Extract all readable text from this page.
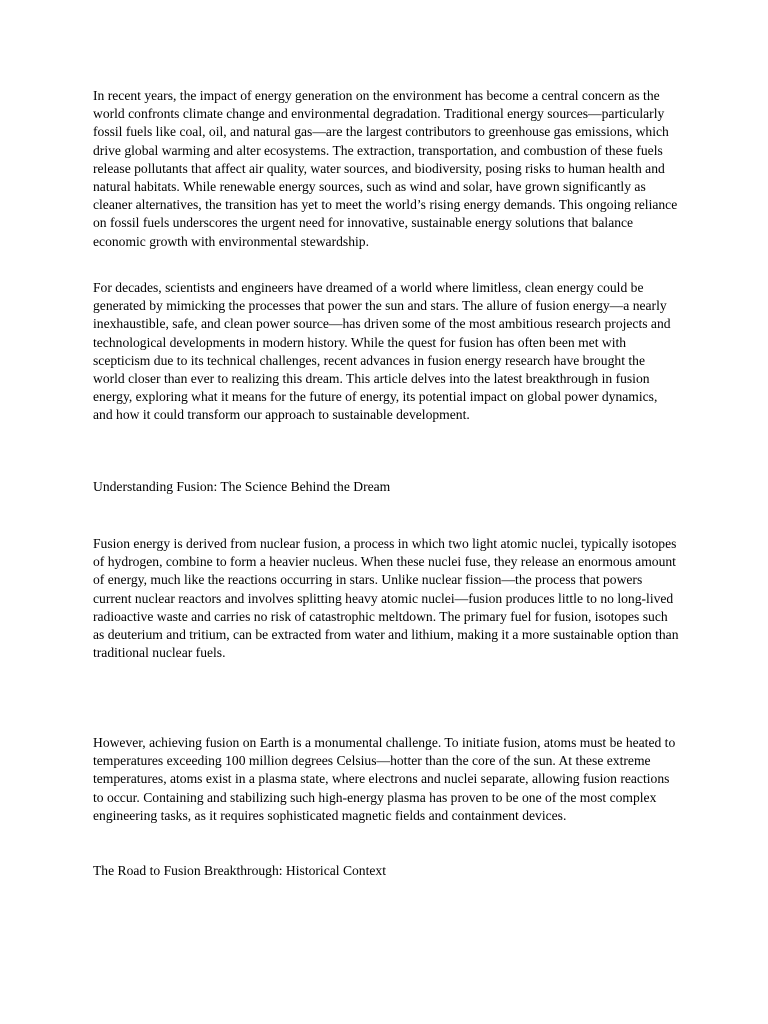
In recent years, the impact of energy generation on the environment has become a central concern as the world confronts climate change and environmental degradation. Traditional energy sources—particularly fossil fuels like coal, oil, and natural gas—are the largest contributors to greenhouse gas emissions, which drive global warming and alter ecosystems. The extraction, transportation, and combustion of these fuels release pollutants that affect air quality, water sources, and biodiversity, posing risks to human health and natural habitats. While renewable energy sources, such as wind and solar, have grown significantly as cleaner alternatives, the transition has yet to meet the world’s rising energy demands. This ongoing reliance on fossil fuels underscores the urgent need for innovative, sustainable energy solutions that balance economic growth with environmental stewardship.
For decades, scientists and engineers have dreamed of a world where limitless, clean energy could be generated by mimicking the processes that power the sun and stars. The allure of fusion energy—a nearly inexhaustible, safe, and clean power source—has driven some of the most ambitious research projects and technological developments in modern history. While the quest for fusion has often been met with scepticism due to its technical challenges, recent advances in fusion energy research have brought the world closer than ever to realizing this dream. This article delves into the latest breakthrough in fusion energy, exploring what it means for the future of energy, its potential impact on global power dynamics, and how it could transform our approach to sustainable development.
Understanding Fusion: The Science Behind the Dream
Fusion energy is derived from nuclear fusion, a process in which two light atomic nuclei, typically isotopes of hydrogen, combine to form a heavier nucleus. When these nuclei fuse, they release an enormous amount of energy, much like the reactions occurring in stars. Unlike nuclear fission—the process that powers current nuclear reactors and involves splitting heavy atomic nuclei—fusion produces little to no long-lived radioactive waste and carries no risk of catastrophic meltdown. The primary fuel for fusion, isotopes such as deuterium and tritium, can be extracted from water and lithium, making it a more sustainable option than traditional nuclear fuels.
However, achieving fusion on Earth is a monumental challenge. To initiate fusion, atoms must be heated to temperatures exceeding 100 million degrees Celsius—hotter than the core of the sun. At these extreme temperatures, atoms exist in a plasma state, where electrons and nuclei separate, allowing fusion reactions to occur. Containing and stabilizing such high-energy plasma has proven to be one of the most complex engineering tasks, as it requires sophisticated magnetic fields and containment devices.
The Road to Fusion Breakthrough: Historical Context
